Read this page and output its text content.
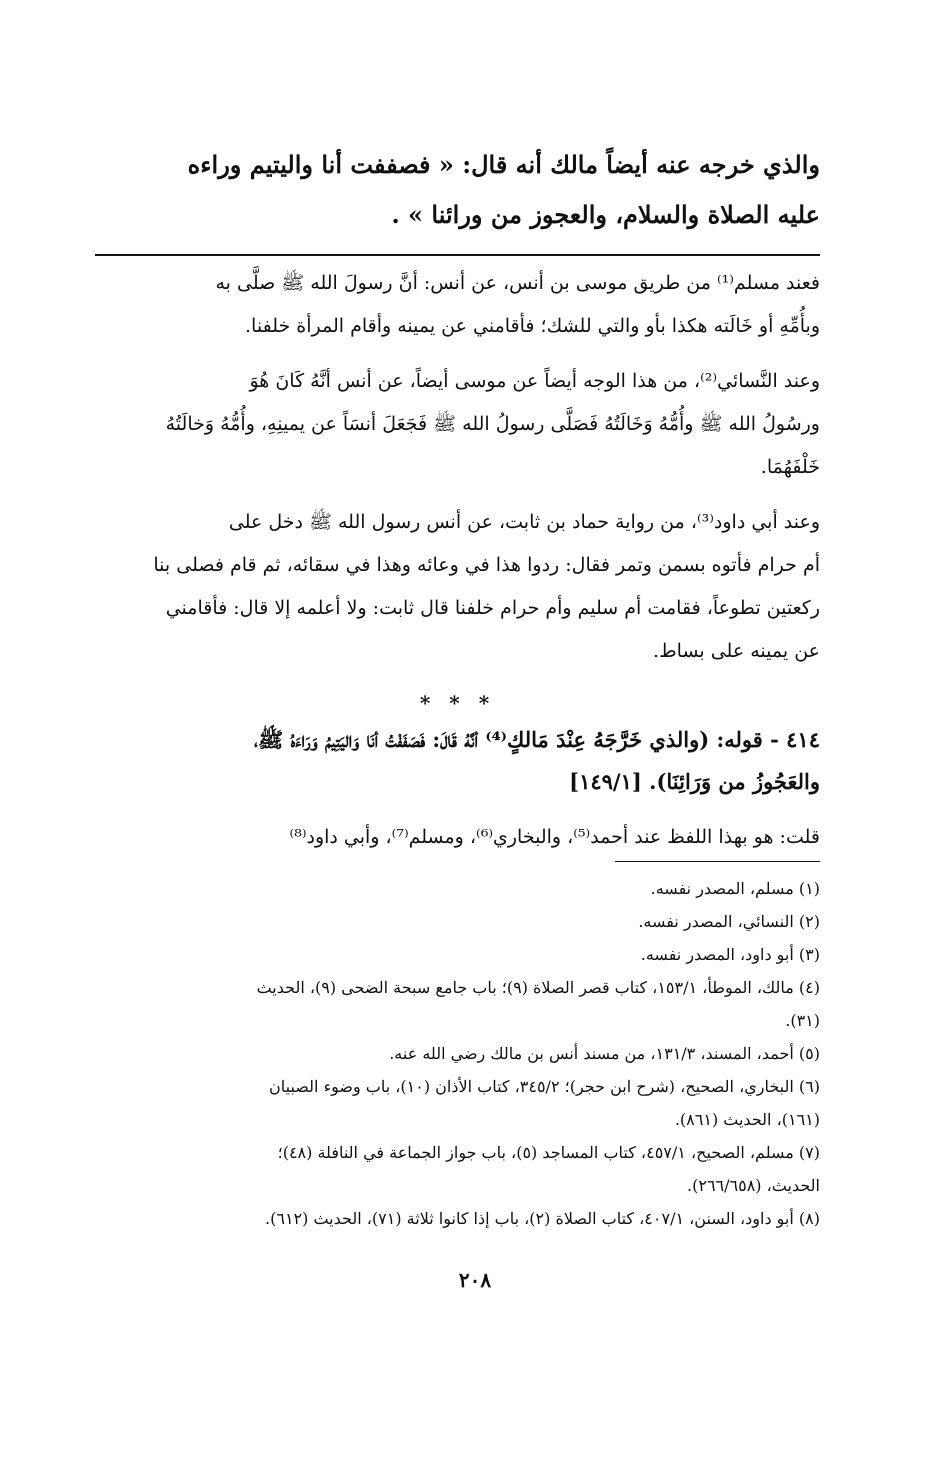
والذي خرجه عنه أيضاً مالك أنه قال: « فصففت أنا واليتيم وراءه
عليه الصلاة والسلام، والعجوز من ورائنا » .
فعند مسلم⁽¹⁾ من طريق موسى بن أنس، عن أنس: أنَّ رسولَ الله ﷺ صلَّى به
وبأُمِّهِ أو خَالَته هكذا بأو والتي للشك؛ فأقامني عن يمينه وأقام المرأة خلفنا.
وعند النَّسائي⁽²⁾، من هذا الوجه أيضاً عن موسى أيضاً، عن أنس أنَّهُ كَانَ هُوَ
ورسُولُ الله ﷺ وأُمُّهُ وَخَالَتُهُ فَصَلَّى رسولُ الله ﷺ فَجَعَلَ أنسَاً عن يمينِهِ، وأُمُّهُ وَخالَتُهُ
خَلْفَهُمَا.
وعند أبي داود⁽³⁾، من رواية حماد بن ثابت، عن أنس رسول الله ﷺ دخل على
أم حرام فأتوه بسمن وتمر فقال: ردوا هذا في وعائه وهذا في سقائه، ثم قام فصلى بنا
ركعتين تطوعاً، فقامت أم سليم وأم حرام خلفنا قال ثابت: ولا أعلمه إلا قال: فأقامني
عن يمينه على بساط.
* * *
٤١٤ - قوله: (والذي خَرَّجَهُ عِنْدَ مَالكٍ⁽⁴⁾ أنَّهُ قَالَ: فَصَفَفْتُ أنَا وَاليَتِيمُ وَرَاءَهُ ﷺ،
والعَجُوزُ من وَرَائِنَا). [١٤٩/١]
قلت: هو بهذا اللفظ عند أحمد⁽⁵⁾، والبخاري⁽⁶⁾، ومسلم⁽⁷⁾، وأبي داود⁽⁸⁾
(١) مسلم، المصدر نفسه.
(٢) النسائي، المصدر نفسه.
(٣) أبو داود، المصدر نفسه.
(٤) مالك، الموطأ، ١٥٣/١، كتاب قصر الصلاة (٩)؛ باب جامع سبحة الضحى (٩)، الحديث
(٣١).
(٥) أحمد، المسند، ١٣١/٣، من مسند أنس بن مالك رضي الله عنه.
(٦) البخاري، الصحيح، (شرح ابن حجر)؛ ٣٤٥/٢، كتاب الأذان (١٠)، باب وضوء الصبيان
(١٦١)، الحديث (٨٦١).
(٧) مسلم، الصحيح، ٤٥٧/١، كتاب المساجد (٥)، باب جواز الجماعة في النافلة (٤٨)؛
الحديث، (٢٦٦/٦٥٨).
(٨) أبو داود، السنن، ٤٠٧/١، كتاب الصلاة (٢)، باب إذا كانوا ثلاثة (٧١)، الحديث (٦١٢).
٢٠٨
